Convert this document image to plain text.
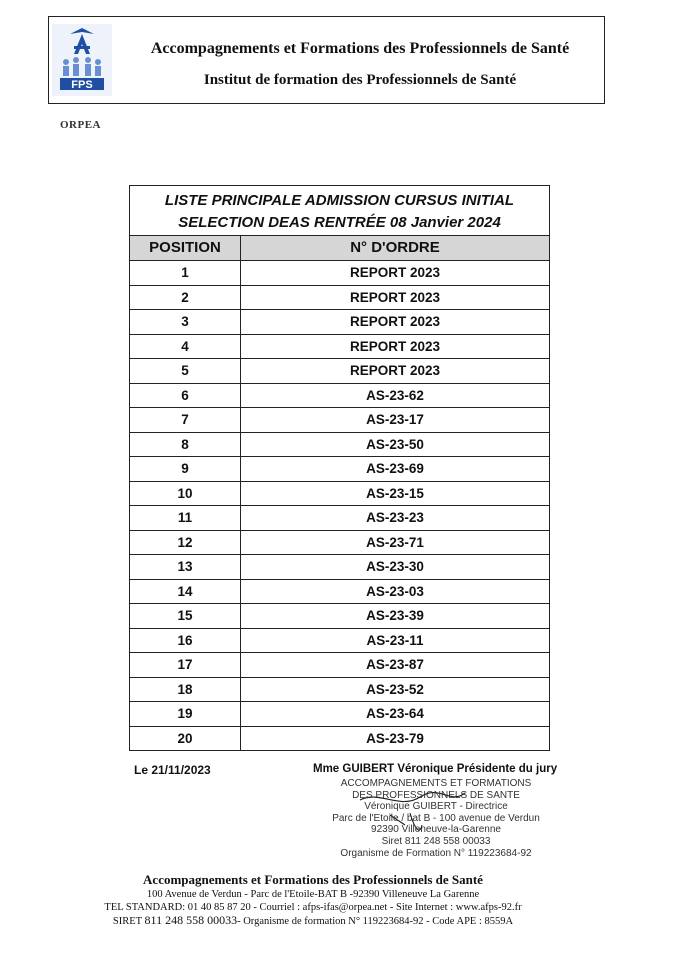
FPS
Accompagnements et Formations des Professionnels de Santé
Institut de formation des Professionnels de Santé
ORPEA
LISTE PRINCIPALE ADMISSION CURSUS INITIAL
SELECTION DEAS RENTRÉE 08 Janvier 2024
POSITION	N° D'ORDRE
1	REPORT 2023
2	REPORT 2023
3	REPORT 2023
4	REPORT 2023
5	REPORT 2023
6	AS-23-62
7	AS-23-17
8	AS-23-50
9	AS-23-69
10	AS-23-15
11	AS-23-23
12	AS-23-71
13	AS-23-30
14	AS-23-03
15	AS-23-39
16	AS-23-11
17	AS-23-87
18	AS-23-52
19	AS-23-64
20	AS-23-79
Le 21/11/2023	Mme GUIBERT Véronique Présidente du jury
ACCOMPAGNEMENTS ET FORMATIONS
DES PROFESSIONNELS DE SANTE
Véronique GUIBERT - Directrice
Parc de l'Etoile / bat B - 100 avenue de Verdun
92390 Villeneuve-la-Garenne
Siret 811 248 558 00033
Organisme de Formation N° 119223684-92
Accompagnements et Formations des Professionnels de Santé
100 Avenue de Verdun - Parc de l'Etoile-BAT B -92390 Villeneuve La Garenne
TEL STANDARD: 01 40 85 87 20 - Courriel : afps-ifas@orpea.net - Site Internet : www.afps-92.fr
SIRET 811 248 558 00033- Organisme de formation N° 119223684-92 - Code APE : 8559A
